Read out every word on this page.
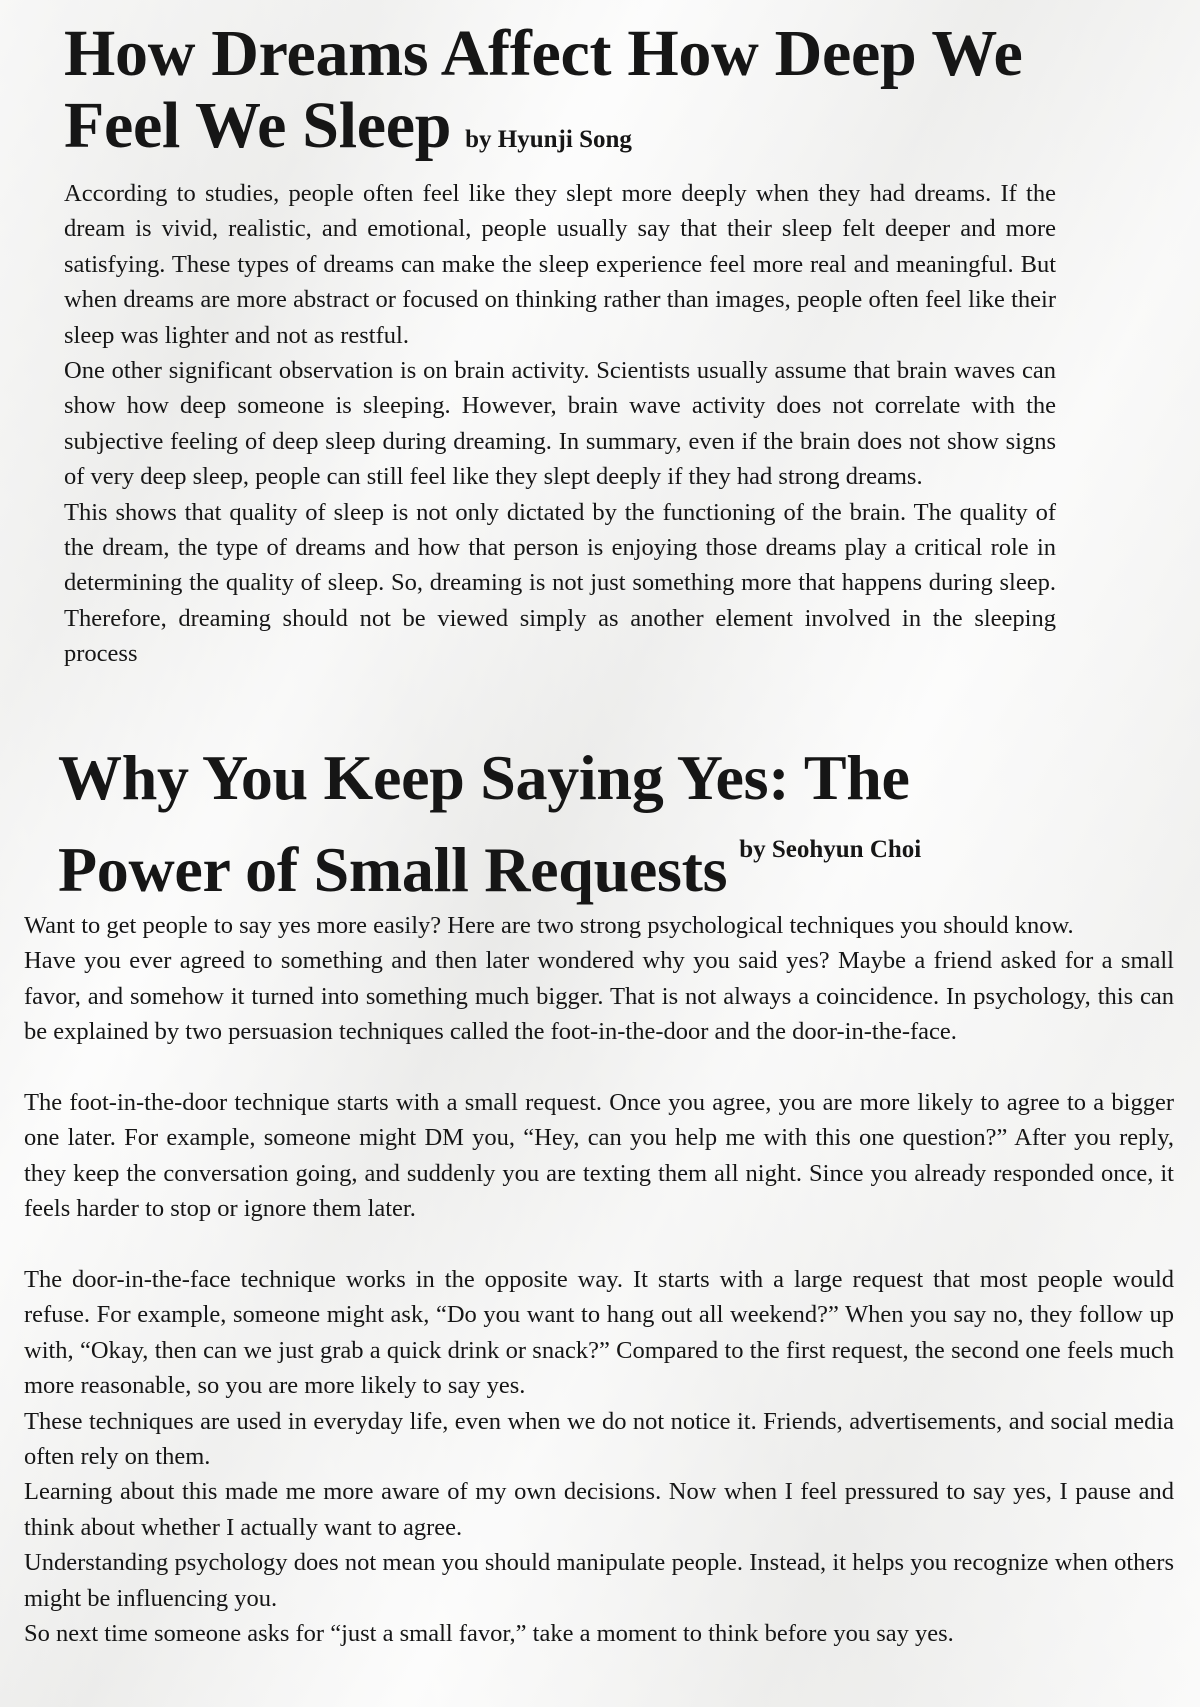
How Dreams Affect How Deep We
Feel We Sleep by Hyunji Song

According to studies, people often feel like they slept more deeply when they had dreams. If the dream is vivid, realistic, and emotional, people usually say that their sleep felt deeper and more satisfying. These types of dreams can make the sleep experience feel more real and meaningful. But when dreams are more abstract or focused on thinking rather than images, people often feel like their sleep was lighter and not as restful.

One other significant observation is on brain activity. Scientists usually assume that brain waves can show how deep someone is sleeping. However, brain wave activity does not correlate with the subjective feeling of deep sleep during dreaming. In summary, even if the brain does not show signs of very deep sleep, people can still feel like they slept deeply if they had strong dreams.

This shows that quality of sleep is not only dictated by the functioning of the brain. The quality of the dream, the type of dreams and how that person is enjoying those dreams play a critical role in determining the quality of sleep. So, dreaming is not just something more that happens during sleep. Therefore, dreaming should not be viewed simply as another element involved in the sleeping process

Why You Keep Saying Yes: The
Power of Small Requests $^{by Seohyun Choi}$

Want to get people to say yes more easily? Here are two strong psychological techniques you should know.

Have you ever agreed to something and then later wondered why you said yes? Maybe a friend asked for a small favor, and somehow it turned into something much bigger. That is not always a coincidence. In psychology, this can be explained by two persuasion techniques called the foot-in-the-door and the door-in-the-face.

The foot-in-the-door technique starts with a small request. Once you agree, you are more likely to agree to a bigger one later. For example, someone might DM you, “Hey, can you help me with this one question?” After you reply, they keep the conversation going, and suddenly you are texting them all night. Since you already responded once, it feels harder to stop or ignore them later.

The door-in-the-face technique works in the opposite way. It starts with a large request that most people would refuse. For example, someone might ask, “Do you want to hang out all weekend?” When you say no, they follow up with, “Okay, then can we just grab a quick drink or snack?” Compared to the first request, the second one feels much more reasonable, so you are more likely to say yes.

These techniques are used in everyday life, even when we do not notice it. Friends, advertisements, and social media often rely on them.

Learning about this made me more aware of my own decisions. Now when I feel pressured to say yes, I pause and think about whether I actually want to agree.

Understanding psychology does not mean you should manipulate people. Instead, it helps you recognize when others might be influencing you.

So next time someone asks for “just a small favor,” take a moment to think before you say yes.
